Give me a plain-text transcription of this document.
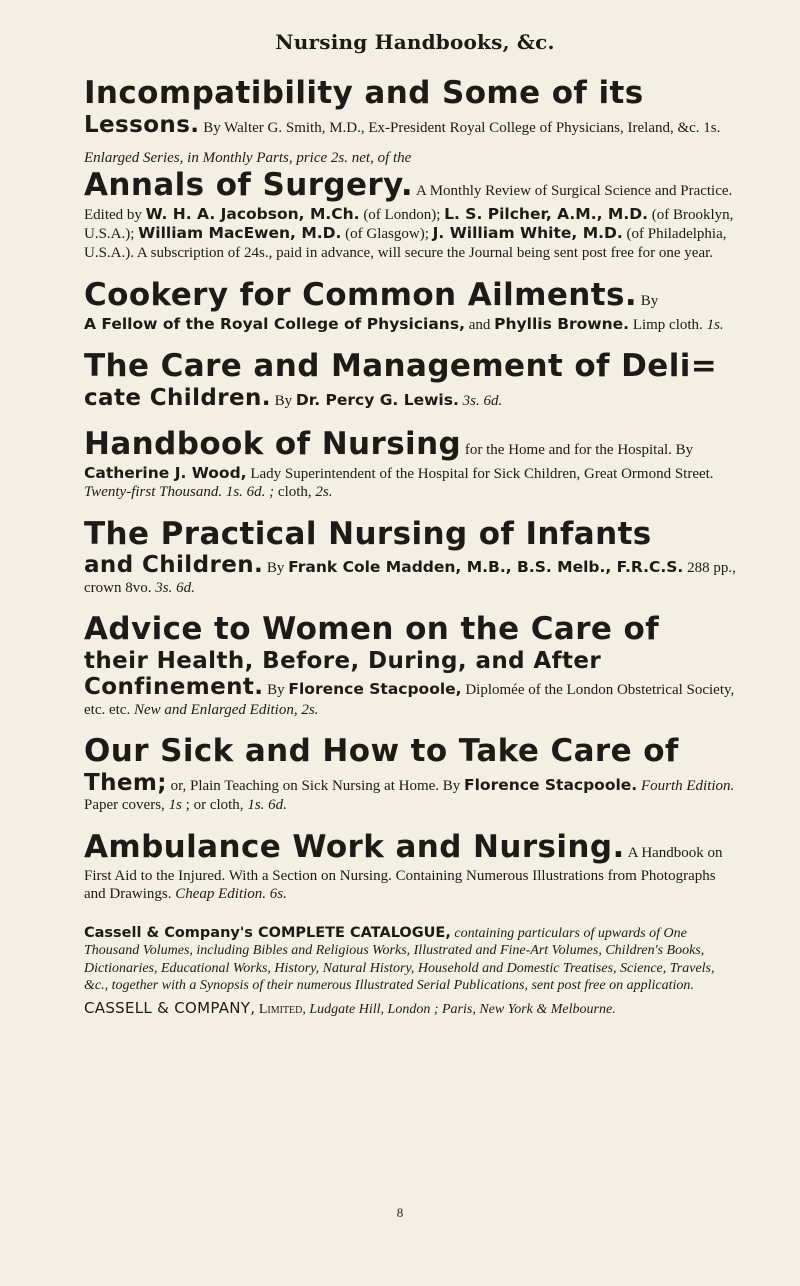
Nursing Handbooks, &c.

Incompatibility and Some of its

Lessons. By Walter G. Smith, M.D., Ex-President Royal College of Physicians, Ireland, &c. 1s.

Enlarged Series, in Monthly Parts, price 2s. net, of the

Annals of Surgery. A Monthly Review of Surgical Science and Practice. Edited by W. H. A. Jacobson, M.Ch. (of London); L. S. Pilcher, A.M., M.D. (of Brooklyn, U.S.A.); William MacEwen, M.D. (of Glasgow); J. William White, M.D. (of Philadelphia, U.S.A.). A subscription of 24s., paid in advance, will secure the Journal being sent post free for one year.

Cookery for Common Ailments. By
A Fellow of the Royal College of Physicians, and Phyllis Browne. Limp cloth. 1s.

The Care and Management of Deli=

cate Children. By Dr. Percy G. Lewis. 3s. 6d.

Handbook of Nursing for the Home and for the Hospital. By Catherine J. Wood, Lady Superintendent of the Hospital for Sick Children, Great Ormond Street. Twenty-first Thousand. 1s. 6d. ; cloth, 2s.

The Practical Nursing of Infants

and Children. By Frank Cole Madden, M.B., B.S. Melb., F.R.C.S. 288 pp., crown 8vo. 3s. 6d.

Advice to Women on the Care of

their Health, Before, During, and After

Confinement. By Florence Stacpoole, Diplomée of the London Obstetrical Society, etc. etc. New and Enlarged Edition, 2s.

Our Sick and How to Take Care of

Them; or, Plain Teaching on Sick Nursing at Home. By Florence Stacpoole. Fourth Edition. Paper covers, 1s ; or cloth, 1s. 6d.

Ambulance Work and Nursing. A Handbook on First Aid to the Injured. With a Section on Nursing. Containing Numerous Illustrations from Photographs and Drawings. Cheap Edition. 6s.

Cassell & Company's COMPLETE CATALOGUE, containing particulars of upwards of One Thousand Volumes, including Bibles and Religious Works, Illustrated and Fine-Art Volumes, Children's Books, Dictionaries, Educational Works, History, Natural History, Household and Domestic Treatises, Science, Travels, &c., together with a Synopsis of their numerous Illustrated Serial Publications, sent post free on application.
CASSELL & COMPANY, Limited, Ludgate Hill, London ; Paris, New York & Melbourne.
8
